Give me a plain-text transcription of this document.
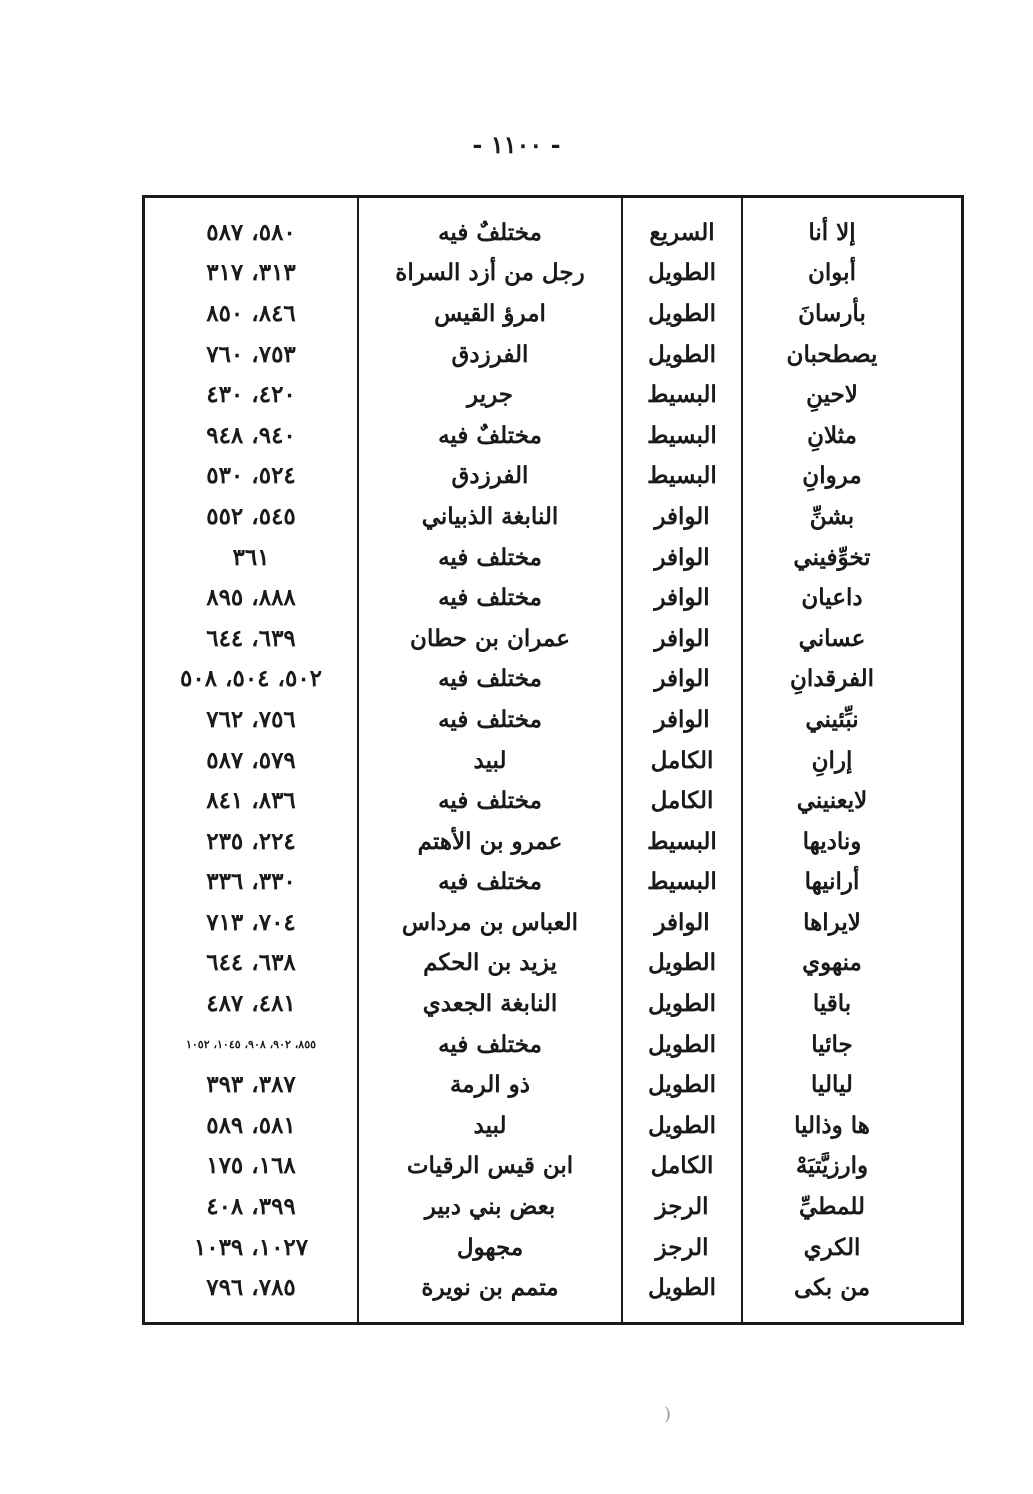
- ١١٠٠ -
إلا أنا	السريع	مختلفٌ فيه	٥٨٠، ٥٨٧
أبوان	الطويل	رجل من أزد السراة	٣١٣، ٣١٧
بأرسانَ	الطويل	امرؤ القيس	٨٤٦، ٨٥٠
يصطحبان	الطويل	الفرزدق	٧٥٣، ٧٦٠
لاحينِ	البسيط	جرير	٤٢٠، ٤٣٠
مثلانِ	البسيط	مختلفٌ فيه	٩٤٠، ٩٤٨
مروانِ	البسيط	الفرزدق	٥٢٤، ٥٣٠
بشنِّ	الوافر	النابغة الذبياني	٥٤٥، ٥٥٢
تخوِّفيني	الوافر	مختلف فيه	٣٦١
داعيان	الوافر	مختلف فيه	٨٨٨، ٨٩٥
عساني	الوافر	عمران بن حطان	٦٣٩، ٦٤٤
الفرقدانِ	الوافر	مختلف فيه	٥٠٢، ٥٠٤، ٥٠٨
نبِّئيني	الوافر	مختلف فيه	٧٥٦، ٧٦٢
إرانِ	الكامل	لبيد	٥٧٩، ٥٨٧
لايعنيني	الكامل	مختلف فيه	٨٣٦، ٨٤١
وناديها	البسيط	عمرو بن الأهتم	٢٢٤، ٢٣٥
أرانيها	البسيط	مختلف فيه	٣٣٠، ٣٣٦
لايراها	الوافر	العباس بن مرداس	٧٠٤، ٧١٣
منهوي	الطويل	يزيد بن الحكم	٦٣٨، ٦٤٤
باقيا	الطويل	النابغة الجعدي	٤٨١، ٤٨٧
جائيا	الطويل	مختلف فيه	٨٥٥، ٩٠٢، ٩٠٨، ١٠٤٥، ١٠٥٢
لياليا	الطويل	ذو الرمة	٣٨٧، ٣٩٣
ها وذاليا	الطويل	لبيد	٥٨١، ٥٨٩
وارزيَّتيَهْ	الكامل	ابن قيس الرقيات	١٦٨، ١٧٥
للمطيِّ	الرجز	بعض بني دبير	٣٩٩، ٤٠٨
الكري	الرجز	مجهول	١٠٢٧، ١٠٣٩
من بكى	الطويل	متمم بن نويرة	٧٨٥، ٧٩٦
)
